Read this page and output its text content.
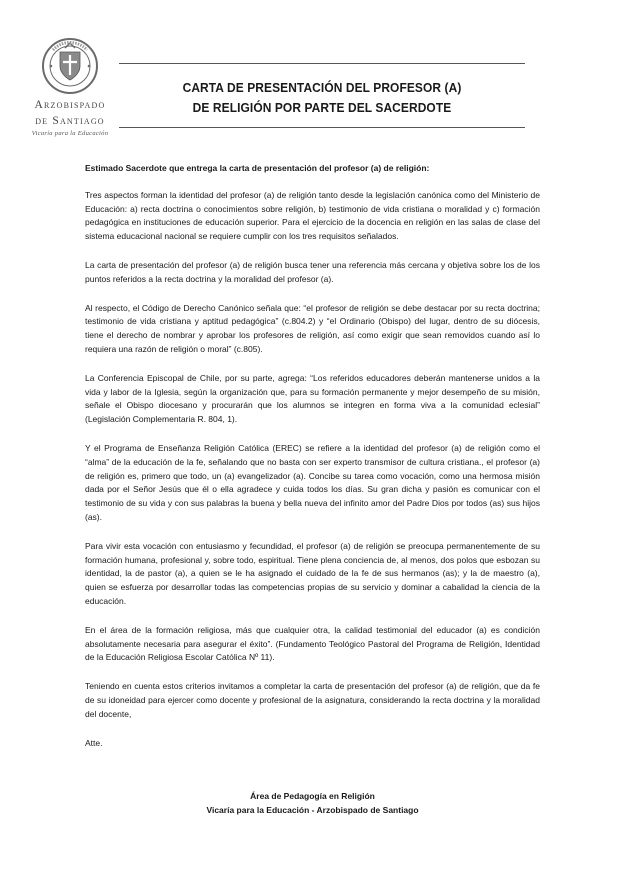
Arzobispado
de Santiago
Vicaría para la Educación
CARTA DE PRESENTACIÓN DEL PROFESOR (A)
DE RELIGIÓN POR PARTE DEL SACERDOTE
.

Estimado Sacerdote que entrega la carta de presentación del profesor (a) de religión:

Tres aspectos forman la identidad del profesor (a) de religión tanto desde la legislación canónica como del Ministerio de Educación: a) recta doctrina o conocimientos sobre religión, b) testimonio de vida cristiana o moralidad y c) formación pedagógica en instituciones de educación superior. Para el ejercicio de la docencia en religión en las salas de clase del sistema educacional nacional se requiere cumplir con los tres requisitos señalados.

La carta de presentación del profesor (a) de religión busca tener una referencia más cercana y objetiva sobre los de los puntos referidos a la recta doctrina y la moralidad del profesor (a).

Al respecto, el Código de Derecho Canónico señala que: “el profesor de religión se debe destacar por su recta doctrina; testimonio de vida cristiana y aptitud pedagógica” (c.804.2) y “el Ordinario (Obispo) del lugar, dentro de su diócesis, tiene el derecho de nombrar y aprobar los profesores de religión, así como exigir que sean removidos cuando así lo requiera una razón de religión o moral” (c.805).

La Conferencia Episcopal de Chile, por su parte, agrega: “Los referidos educadores deberán mantenerse unidos a la vida y labor de la Iglesia, según la organización que, para su formación permanente y mejor desempeño de su misión, señale el Obispo diocesano y procurarán que los alumnos se integren en forma viva a la comunidad eclesial” (Legislación Complementaria R. 804, 1).

Y el Programa de Enseñanza Religión Católica (EREC) se refiere a la identidad del profesor (a) de religión como el “alma” de la educación de la fe, señalando que no basta con ser experto transmisor de cultura cristiana., el profesor (a) de religión es, primero que todo, un (a) evangelizador (a). Concibe su tarea como vocación, como una hermosa misión dada por el Señor Jesús que él o ella agradece y cuida todos los días. Su gran dicha y pasión es comunicar con el testimonio de su vida y con sus palabras la buena y bella nueva del infinito amor del Padre Dios por todos (as) sus hijos (as).

Para vivir esta vocación con entusiasmo y fecundidad, el profesor (a) de religión se preocupa permanentemente de su formación humana, profesional y, sobre todo, espiritual. Tiene plena conciencia de, al menos, dos polos que esbozan su identidad, la de pastor (a), a quien se le ha asignado el cuidado de la fe de sus hermanos (as); y la de maestro (a), quien se esfuerza por desarrollar todas las competencias propias de su servicio y dominar a cabalidad la ciencia de la educación.

En el área de la formación religiosa, más que cualquier otra, la calidad testimonial del educador (a) es condición absolutamente necesaria para asegurar el éxito”. (Fundamento Teológico Pastoral del Programa de Religión, Identidad de la Educación Religiosa Escolar Católica Nº 11).

Teniendo en cuenta estos criterios invitamos a completar la carta de presentación del profesor (a) de religión, que da fe de su idoneidad para ejercer como docente y profesional de la asignatura, considerando la recta doctrina y la moralidad del docente,

Atte.

Área de Pedagogía en Religión
Vicaría para la Educación - Arzobispado de Santiago
